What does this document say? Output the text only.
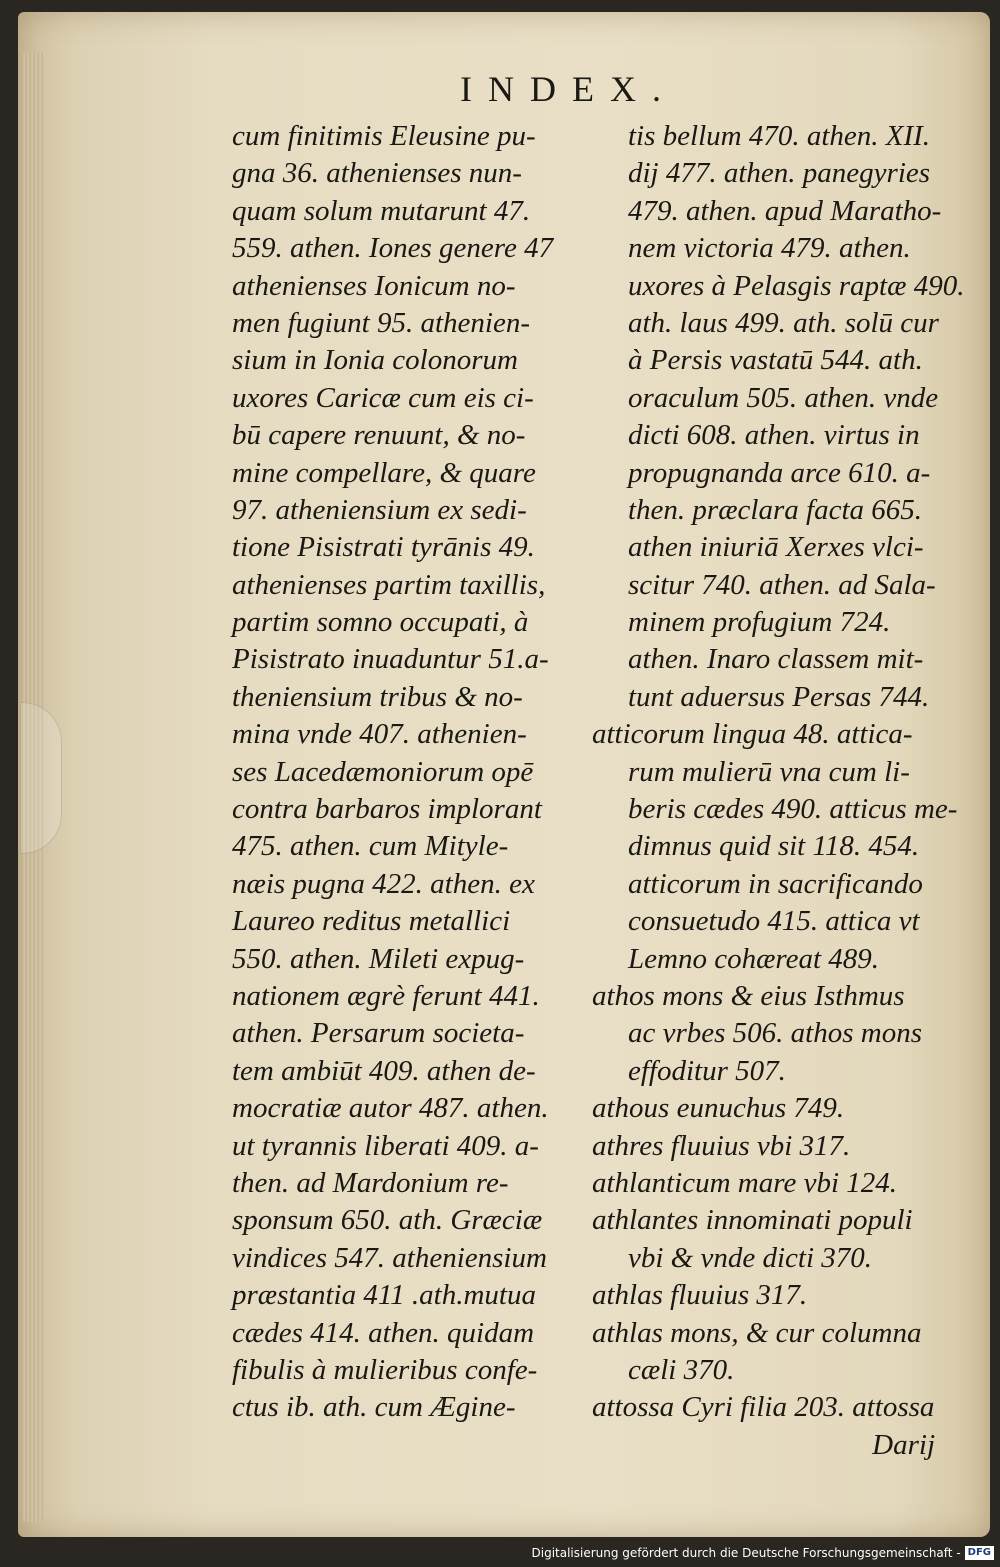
INDEX.
cum finitimis Eleusine pu-
gna 36. athenienses nun-
quam solum mutarunt 47.
559. athen. Iones genere 47
athenienses Ionicum no-
men fugiunt 95. athenien-
sium in Ionia colonorum
uxores Caricæ cum eis ci-
bū capere renuunt, & no-
mine compellare, & quare
97. atheniensium ex sedi-
tione Pisistrati tyrānis 49.
athenienses partim taxillis,
partim somno occupati, à
Pisistrato inuaduntur 51.a-
theniensium tribus & no-
mina vnde 407. athenien-
ses Lacedæmoniorum opē
contra barbaros implorant
475. athen. cum Mityle-
næis pugna 422. athen. ex
Laureo reditus metallici
550. athen. Mileti expug-
nationem ægrè ferunt 441.
athen. Persarum societa-
tem ambiūt 409. athen de-
mocratiæ autor 487. athen.
ut tyrannis liberati 409. a-
then. ad Mardonium re-
sponsum 650. ath. Græciæ
vindices 547. atheniensium
præstantia 411 .ath.mutua
cædes 414. athen. quidam
fibulis à mulieribus confe-
ctus ib. ath. cum Ægine-
tis bellum 470. athen. XII.
dij 477. athen. panegyries
479. athen. apud Maratho-
nem victoria 479. athen.
uxores à Pelasgis raptæ 490.
ath. laus 499. ath. solū cur
à Persis vastatū 544. ath.
oraculum 505. athen. vnde
dicti 608. athen. virtus in
propugnanda arce 610. a-
then. præclara facta 665.
athen iniuriā Xerxes vlci-
scitur 740. athen. ad Sala-
minem profugium 724.
athen. Inaro classem mit-
tunt aduersus Persas 744.
atticorum lingua 48. attica-
rum mulierū vna cum li-
beris cædes 490. atticus me-
dimnus quid sit 118. 454.
atticorum in sacrificando
consuetudo 415. attica vt
Lemno cohæreat 489.
athos mons & eius Isthmus
ac vrbes 506. athos mons
effoditur 507.
athous eunuchus 749.
athres fluuius vbi 317.
athlanticum mare vbi 124.
athlantes innominati populi
vbi & vnde dicti 370.
athlas fluuius 317.
athlas mons, & cur columna
cæli 370.
attossa Cyri filia 203. attossa
Darij
Digitalisierung gefördert durch die Deutsche Forschungsgemeinschaft - DFG
